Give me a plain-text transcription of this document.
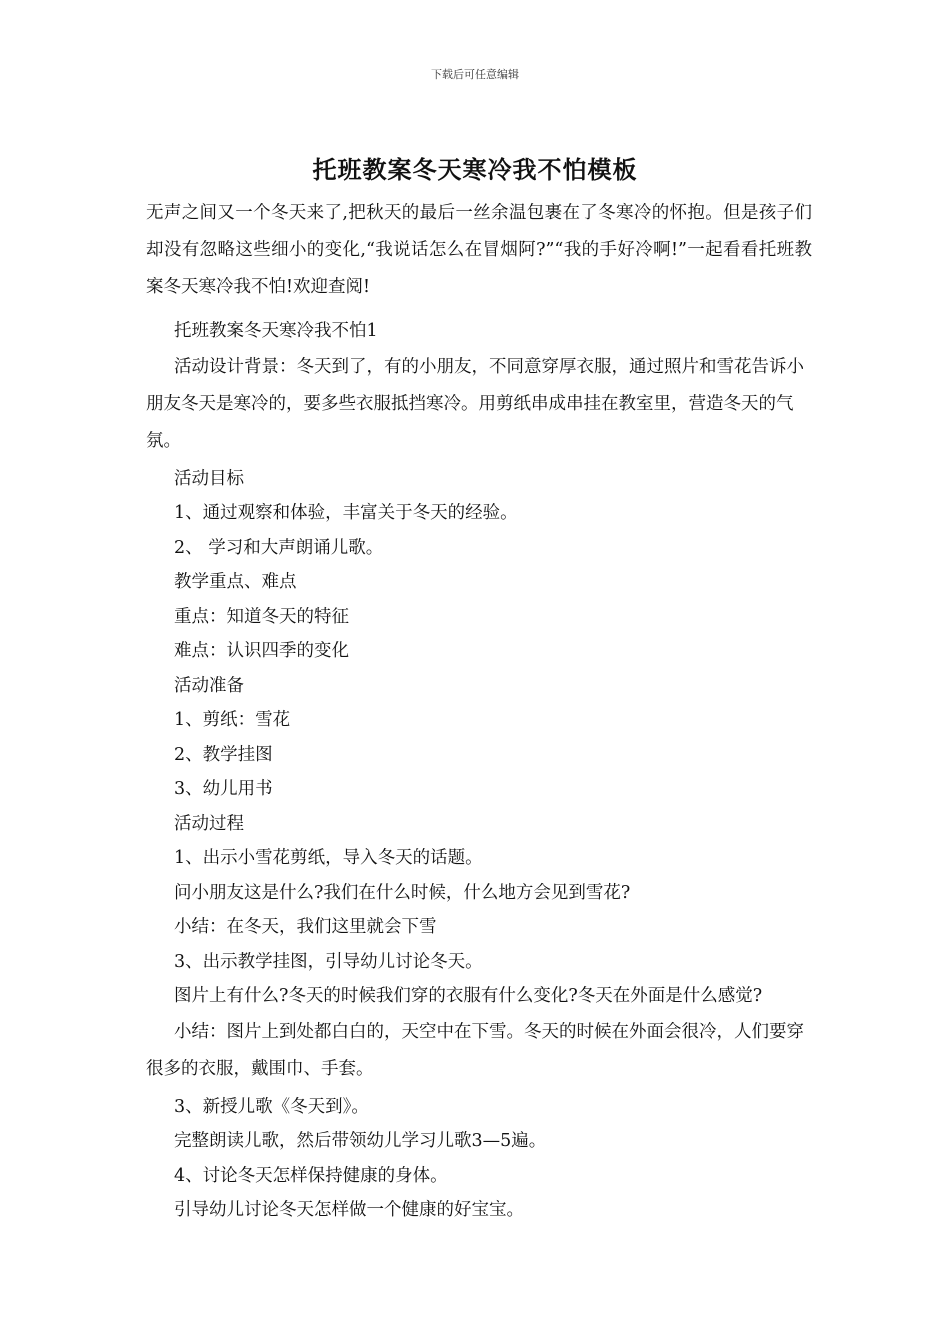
下载后可任意编辑
托班教案冬天寒冷我不怕模板

无声之间又一个冬天来了,把秋天的最后一丝余温包裹在了冬寒冷的怀抱。但是孩子们却没有忽略这些细小的变化,“我说话怎么在冒烟阿?”“我的手好冷啊!”一起看看托班教案冬天寒冷我不怕!欢迎查阅!

托班教案冬天寒冷我不怕1

活动设计背景：冬天到了，有的小朋友，不同意穿厚衣服，通过照片和雪花告诉小朋友冬天是寒冷的，要多些衣服抵挡寒冷。用剪纸串成串挂在教室里，营造冬天的气氛。

活动目标

1、通过观察和体验，丰富关于冬天的经验。

2、 学习和大声朗诵儿歌。

教学重点、难点

重点：知道冬天的特征

难点：认识四季的变化

活动准备

1、剪纸：雪花

2、教学挂图

3、幼儿用书

活动过程

1、出示小雪花剪纸，导入冬天的话题。

问小朋友这是什么?我们在什么时候，什么地方会见到雪花?

小结：在冬天，我们这里就会下雪

3、出示教学挂图，引导幼儿讨论冬天。

图片上有什么?冬天的时候我们穿的衣服有什么变化?冬天在外面是什么感觉?

小结：图片上到处都白白的，天空中在下雪。冬天的时候在外面会很冷，人们要穿很多的衣服，戴围巾、手套。

3、新授儿歌《冬天到》。

完整朗读儿歌，然后带领幼儿学习儿歌3—5遍。

4、讨论冬天怎样保持健康的身体。

引导幼儿讨论冬天怎样做一个健康的好宝宝。
